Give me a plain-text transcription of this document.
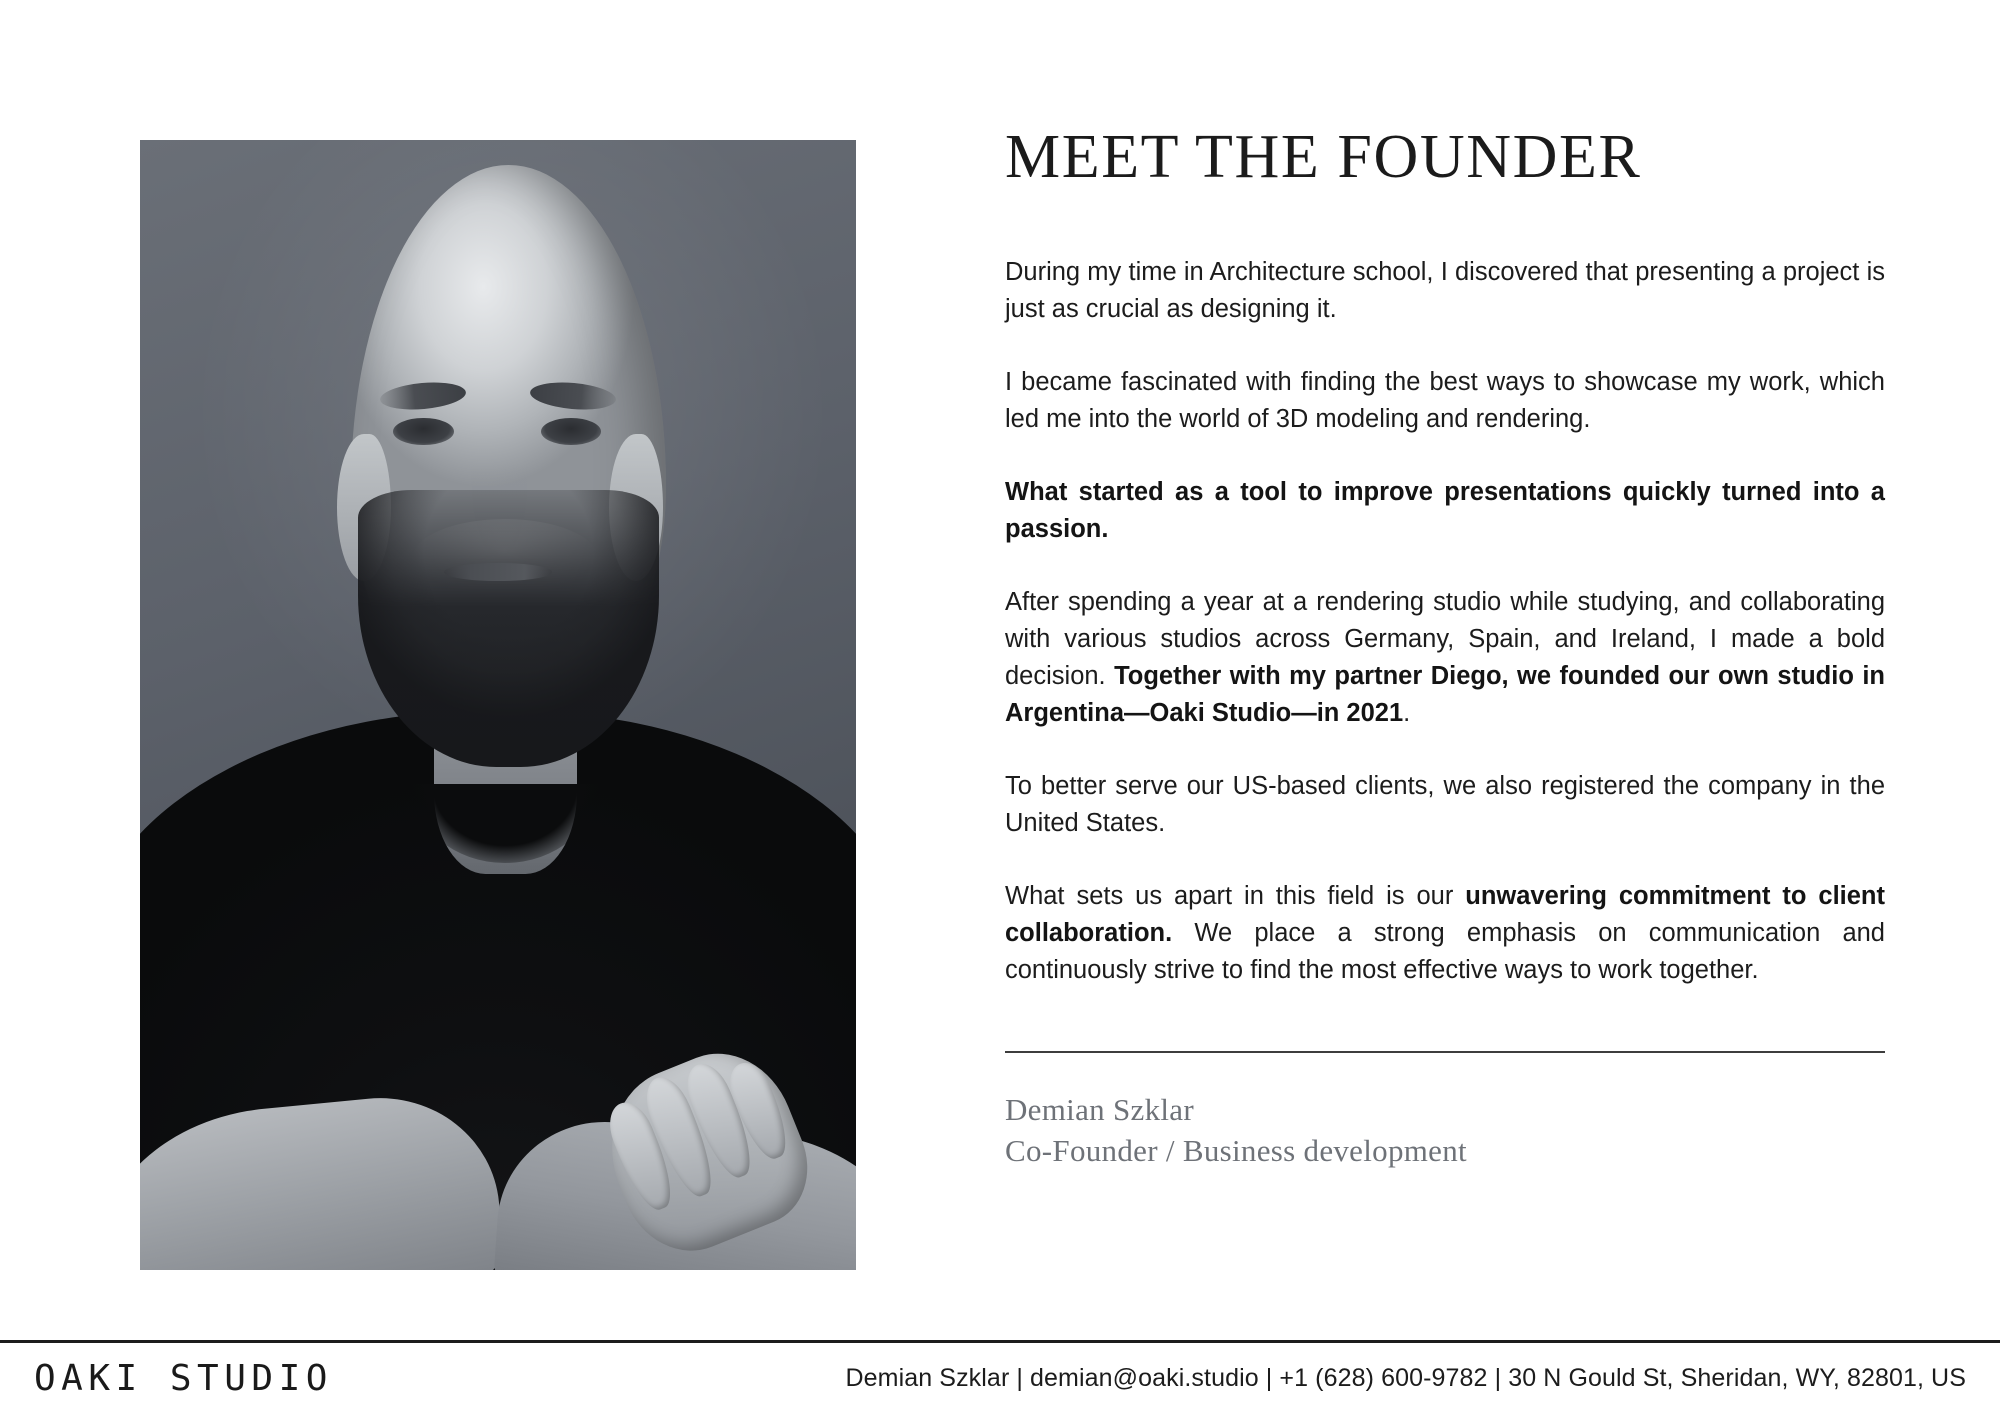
MEET THE FOUNDER

During my time in Architecture school, I discovered that presenting a project is just as crucial as designing it.

I became fascinated with finding the best ways to showcase my work, which led me into the world of 3D modeling and rendering.

What started as a tool to improve presentations quickly turned into a passion.

After spending a year at a rendering studio while studying, and collaborating with various studios across Germany, Spain, and Ireland, I made a bold decision. Together with my partner Diego, we founded our own studio in Argentina—Oaki Studio—in 2021.

To better serve our US-based clients, we also registered the company in the United States.

What sets us apart in this field is our unwavering commitment to client collaboration. We place a strong emphasis on communication and continuously strive to find the most effective ways to work together.

Demian Szklar
Co-Founder / Business development
OAKI STUDIO	Demian Szklar | demian@oaki.studio | +1 (628) 600-9782 | 30 N Gould St, Sheridan, WY, 82801, US
